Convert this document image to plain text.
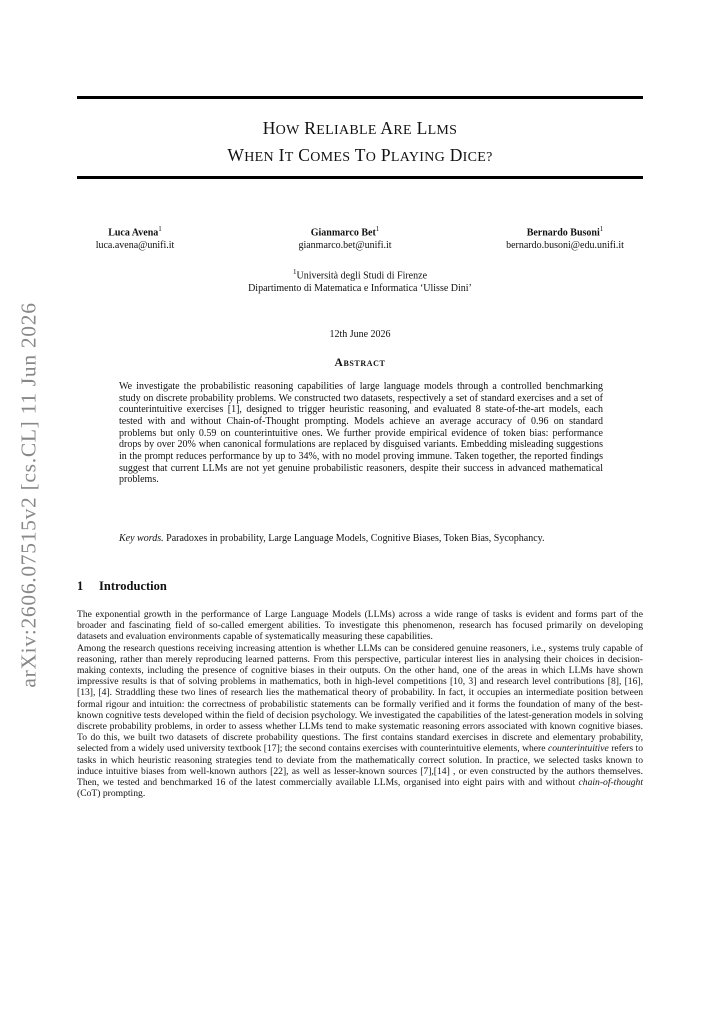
arXiv:2606.07515v2 [cs.CL] 11 Jun 2026
HOW RELIABLE ARE LLMS
WHEN IT COMES TO PLAYING DICE?
Luca Avena$^1$
luca.avena@unifi.it
Gianmarco Bet$^1$
gianmarco.bet@unifi.it
Bernardo Busoni$^1$
bernardo.busoni@edu.unifi.it
$^1$Università degli Studi di Firenze
Dipartimento di Matematica e Informatica ‘Ulisse Dini’
12th June 2026
Abstract
We investigate the probabilistic reasoning capabilities of large language models through a controlled benchmarking study on discrete probability problems. We constructed two datasets, respectively a set of standard exercises and a set of counterintuitive exercises [1], designed to trigger heuristic reasoning, and evaluated 8 state-of-the-art models, each tested with and without Chain-of-Thought prompting. Models achieve an average accuracy of 0.96 on standard problems but only 0.59 on counterintuitive ones. We further provide empirical evidence of token bias: performance drops by over 20% when canonical formulations are replaced by disguised variants. Embedding misleading suggestions in the prompt reduces performance by up to 34%, with no model proving immune. Taken together, the reported findings suggest that current LLMs are not yet genuine probabilistic reasoners, despite their success in advanced mathematical problems.
Key words. Paradoxes in probability, Large Language Models, Cognitive Biases, Token Bias, Sycophancy.
1 Introduction

The exponential growth in the performance of Large Language Models (LLMs) across a wide range of tasks is evident and forms part of the broader and fascinating field of so-called emergent abilities. To investigate this phenomenon, research has focused primarily on developing datasets and evaluation environments capable of systematically measuring these capabilities.

Among the research questions receiving increasing attention is whether LLMs can be considered genuine reasoners, i.e., systems truly capable of reasoning, rather than merely reproducing learned patterns. From this perspective, particular interest lies in analysing their choices in decision-making contexts, including the presence of cognitive biases in their outputs. On the other hand, one of the areas in which LLMs have shown impressive results is that of solving problems in mathematics, both in high-level competitions [10, 3] and research level contributions [8], [16], [13], [4]. Straddling these two lines of research lies the mathematical theory of probability. In fact, it occupies an intermediate position between formal rigour and intuition: the correctness of probabilistic statements can be formally verified and it forms the foundation of many of the best-known cognitive tests developed within the field of decision psychology. We investigated the capabilities of the latest-generation models in solving discrete probability problems, in order to assess whether LLMs tend to make systematic reasoning errors associated with known cognitive biases. To do this, we built two datasets of discrete probability questions. The first contains standard exercises in discrete and elementary probability, selected from a widely used university textbook [17]; the second contains exercises with counterintuitive elements, where counterintuitive refers to tasks in which heuristic reasoning strategies tend to deviate from the mathematically correct solution. In practice, we selected tasks known to induce intuitive biases from well-known authors [22], as well as lesser-known sources [7],[14] , or even constructed by the authors themselves. Then, we tested and benchmarked 16 of the latest commercially available LLMs, organised into eight pairs with and without chain-of-thought (CoT) prompting.
